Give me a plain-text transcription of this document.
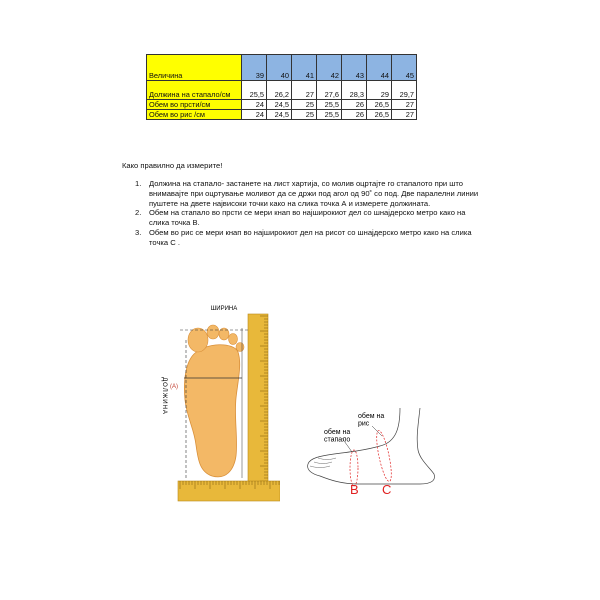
Величина	39	40	41	42	43	44	45
Должина на стапало/см	25,5	26,2	27	27,6	28,3	29	29,7
Обем во прсти/см	24	24,5	25	25,5	26	26,5	27
Обем во рис /см	24	24,5	25	25,5	26	26,5	27
Како правилно да измерите!
1. Должина на стапало- застанете на лист хартија, со молив оцртајте го стапалото при што внимавајте при оцртување моливот да се држи под агол од 90˚ со под. Две паралелни линии пуштете на двете највисоки точки како на слика точка А и измерете должината.
2. Обем на стапало во прсти се мери кнап во најширокиот дел со шнајдерско метро како на слика точка В.
3. Обем во рис се мери кнап во најширокиот дел на рисот со шнајдерско метро како на слика точка С .
ШИРИНА
ДОЛЖИНА (A)
обем на рис
обем на стапало
B C
